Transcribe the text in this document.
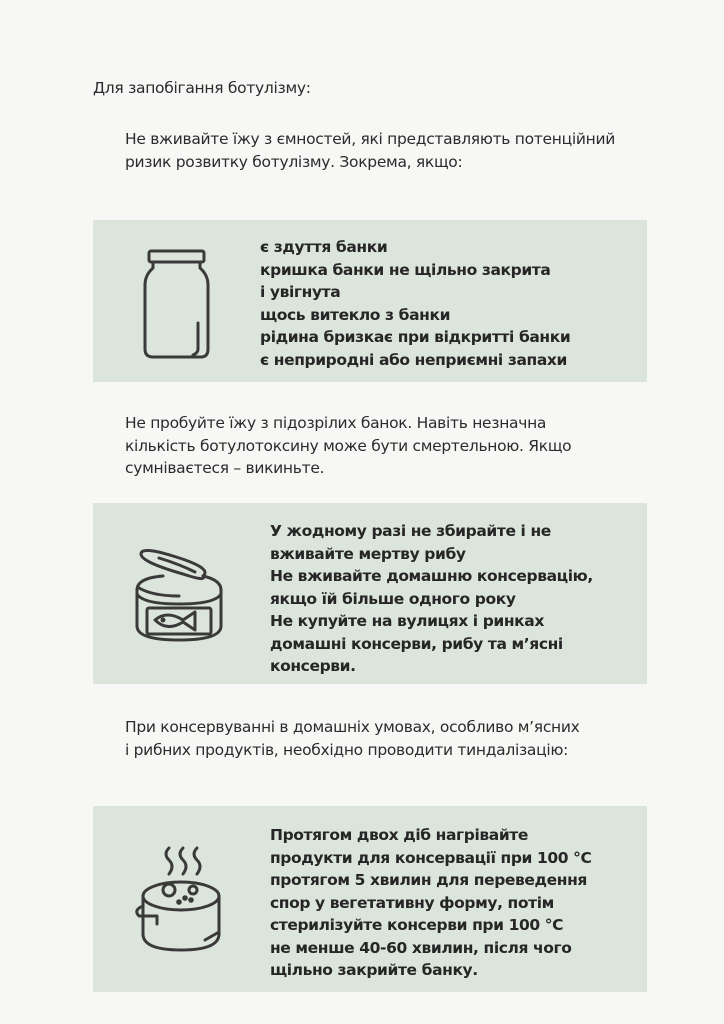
Для запобігання ботулізму:
Не вживайте їжу з ємностей, які представляють потенційний
ризик розвитку ботулізму. Зокрема, якщо:
є здуття банки
кришка банки не щільно закрита
і увігнута
щось витекло з банки
рідина бризкає при відкритті банки
є неприродні або неприємні запахи
Не пробуйте їжу з підозрілих банок. Навіть незначна
кількість ботулотоксину може бути смертельною. Якщо
сумніваєтеся – викиньте.
У жодному разі не збирайте і не
вживайте мертву рибу
Не вживайте домашню консервацію,
якщо їй більше одного року
Не купуйте на вулицях і ринках
домашні консерви, рибу та м’ясні
консерви.
При консервуванні в домашніх умовах, особливо м’ясних
і рибних продуктів, необхідно проводити тиндалізацію:
Протягом двох діб нагрівайте
продукти для консервації при 100 °C
протягом 5 хвилин для переведення
спор у вегетативну форму, потім
стерилізуйте консерви при 100 °C
не менше 40-60 хвилин, після чого
щільно закрийте банку.
